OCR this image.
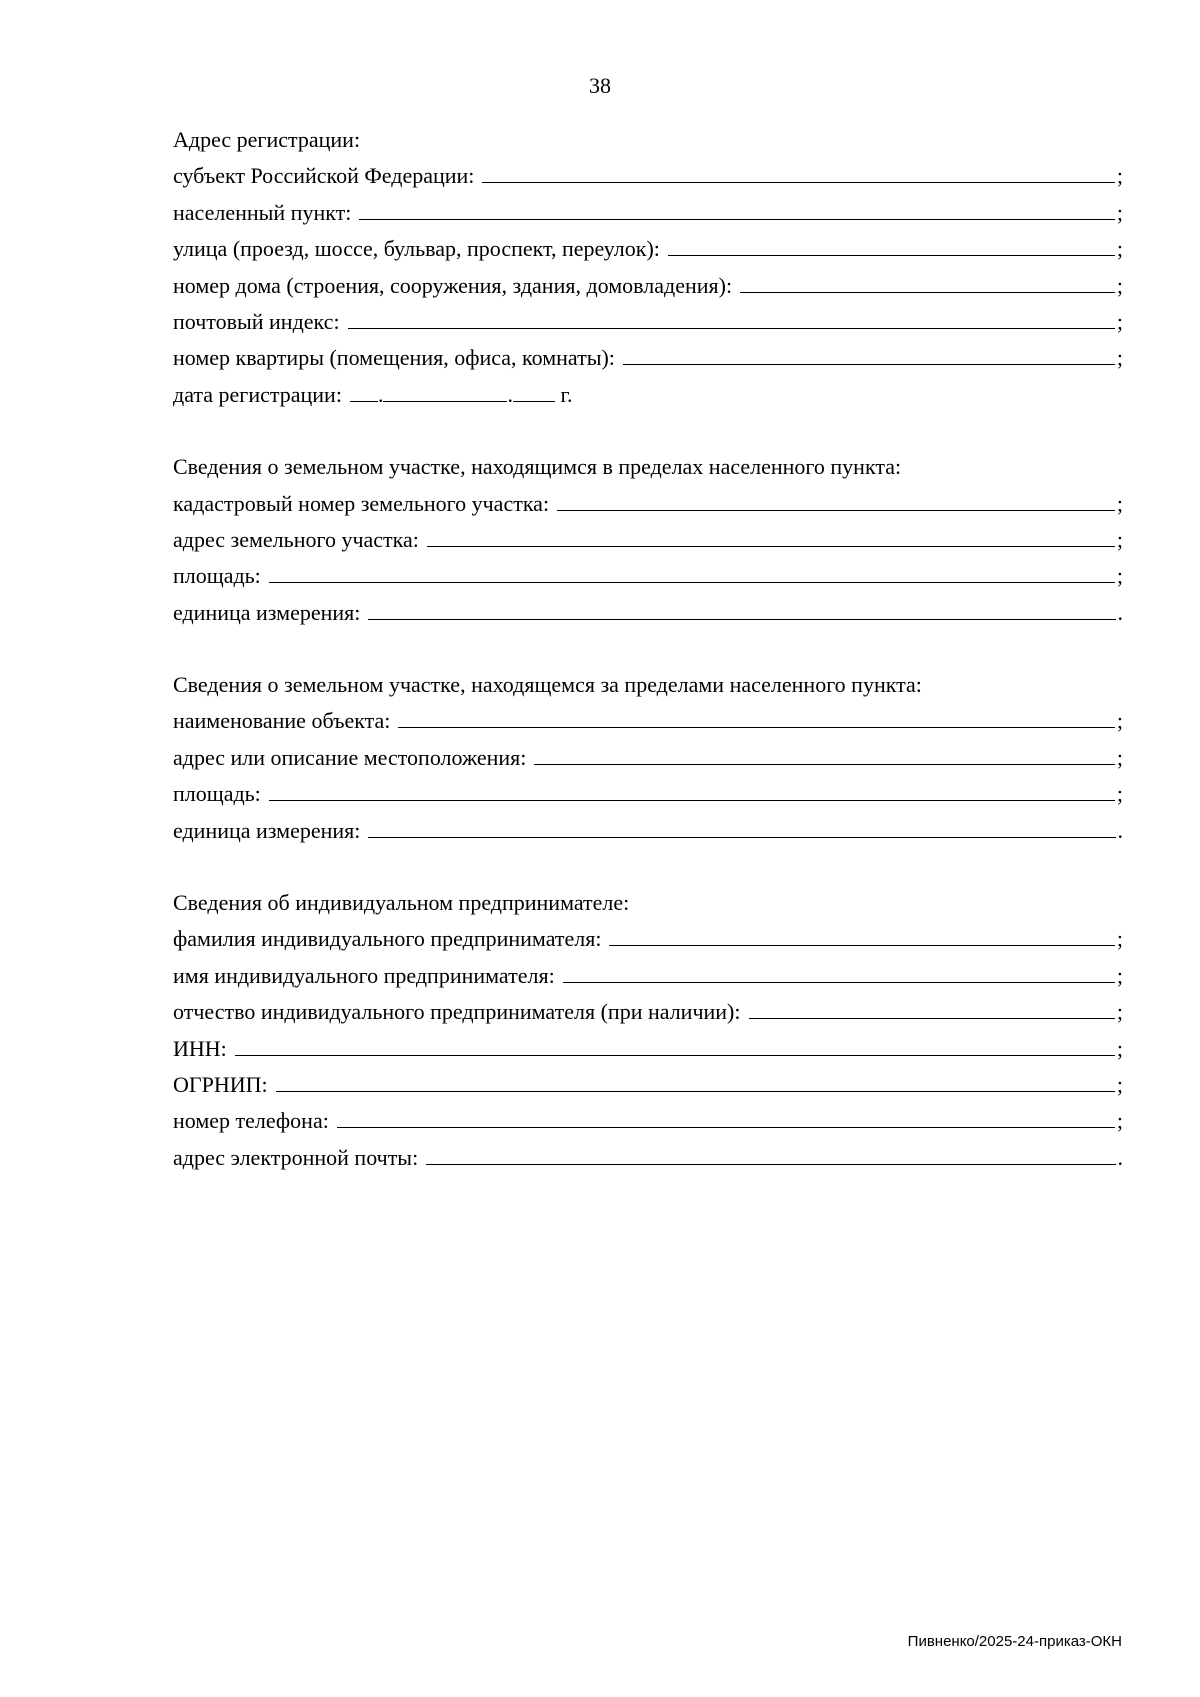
38
Адрес регистрации:
субъект Российской Федерации:	;
населенный пункт:	;
улица (проезд, шоссе, бульвар, проспект, переулок):	;
номер дома (строения, сооружения, здания, домовладения):	;
почтовый индекс:	;
номер квартиры (помещения, офиса, комнаты):	;
дата регистрации: .	. г.
Сведения о земельном участке, находящимся в пределах населенного пункта:
кадастровый номер земельного участка:	;
адрес земельного участка:	;
площадь:	;
единица измерения:	.
Сведения о земельном участке, находящемся за пределами населенного пункта:
наименование объекта:	;
адрес или описание местоположения:	;
площадь:	;
единица измерения:	.
Сведения об индивидуальном предпринимателе:
фамилия индивидуального предпринимателя:	;
имя индивидуального предпринимателя:	;
отчество индивидуального предпринимателя (при наличии):	;
ИНН:	;
ОГРНИП:	;
номер телефона:	;
адрес электронной почты:	.
Пивненко/2025-24-приказ-ОКН
